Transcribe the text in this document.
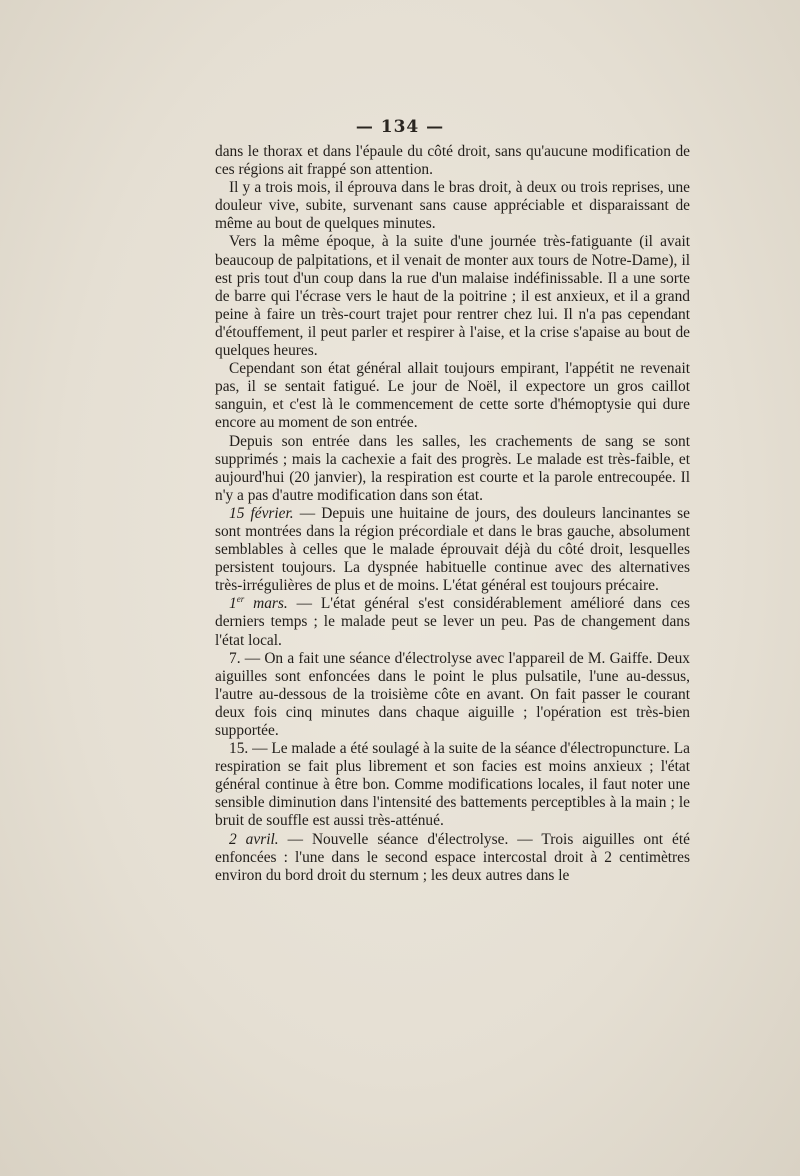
— 134 —

dans le thorax et dans l'épaule du côté droit, sans qu'aucune modification de ces régions ait frappé son attention.

Il y a trois mois, il éprouva dans le bras droit, à deux ou trois reprises, une douleur vive, subite, survenant sans cause appréciable et disparaissant de même au bout de quelques minutes.

Vers la même époque, à la suite d'une journée très-fatiguante (il avait beaucoup de palpitations, et il venait de monter aux tours de Notre-Dame), il est pris tout d'un coup dans la rue d'un malaise indéfinissable. Il a une sorte de barre qui l'écrase vers le haut de la poitrine ; il est anxieux, et il a grand peine à faire un très-court trajet pour rentrer chez lui. Il n'a pas cependant d'étouffement, il peut parler et respirer à l'aise, et la crise s'apaise au bout de quelques heures.

Cependant son état général allait toujours empirant, l'appétit ne revenait pas, il se sentait fatigué. Le jour de Noël, il expectore un gros caillot sanguin, et c'est là le commencement de cette sorte d'hémoptysie qui dure encore au moment de son entrée.

Depuis son entrée dans les salles, les crachements de sang se sont supprimés ; mais la cachexie a fait des progrès. Le malade est très-faible, et aujourd'hui (20 janvier), la respiration est courte et la parole entrecoupée. Il n'y a pas d'autre modification dans son état.

15 février. — Depuis une huitaine de jours, des douleurs lancinantes se sont montrées dans la région précordiale et dans le bras gauche, absolument semblables à celles que le malade éprouvait déjà du côté droit, lesquelles persistent toujours. La dyspnée habituelle continue avec des alternatives très-irrégulières de plus et de moins. L'état général est toujours précaire.

1er mars. — L'état général s'est considérablement amélioré dans ces derniers temps ; le malade peut se lever un peu. Pas de changement dans l'état local.

7. — On a fait une séance d'électrolyse avec l'appareil de M. Gaiffe. Deux aiguilles sont enfoncées dans le point le plus pulsatile, l'une au-dessus, l'autre au-dessous de la troisième côte en avant. On fait passer le courant deux fois cinq minutes dans chaque aiguille ; l'opération est très-bien supportée.

15. — Le malade a été soulagé à la suite de la séance d'électropuncture. La respiration se fait plus librement et son facies est moins anxieux ; l'état général continue à être bon. Comme modifications locales, il faut noter une sensible diminution dans l'intensité des battements perceptibles à la main ; le bruit de souffle est aussi très-atténué.

2 avril. — Nouvelle séance d'électrolyse. — Trois aiguilles ont été enfoncées : l'une dans le second espace intercostal droit à 2 centimètres environ du bord droit du sternum ; les deux autres dans le
